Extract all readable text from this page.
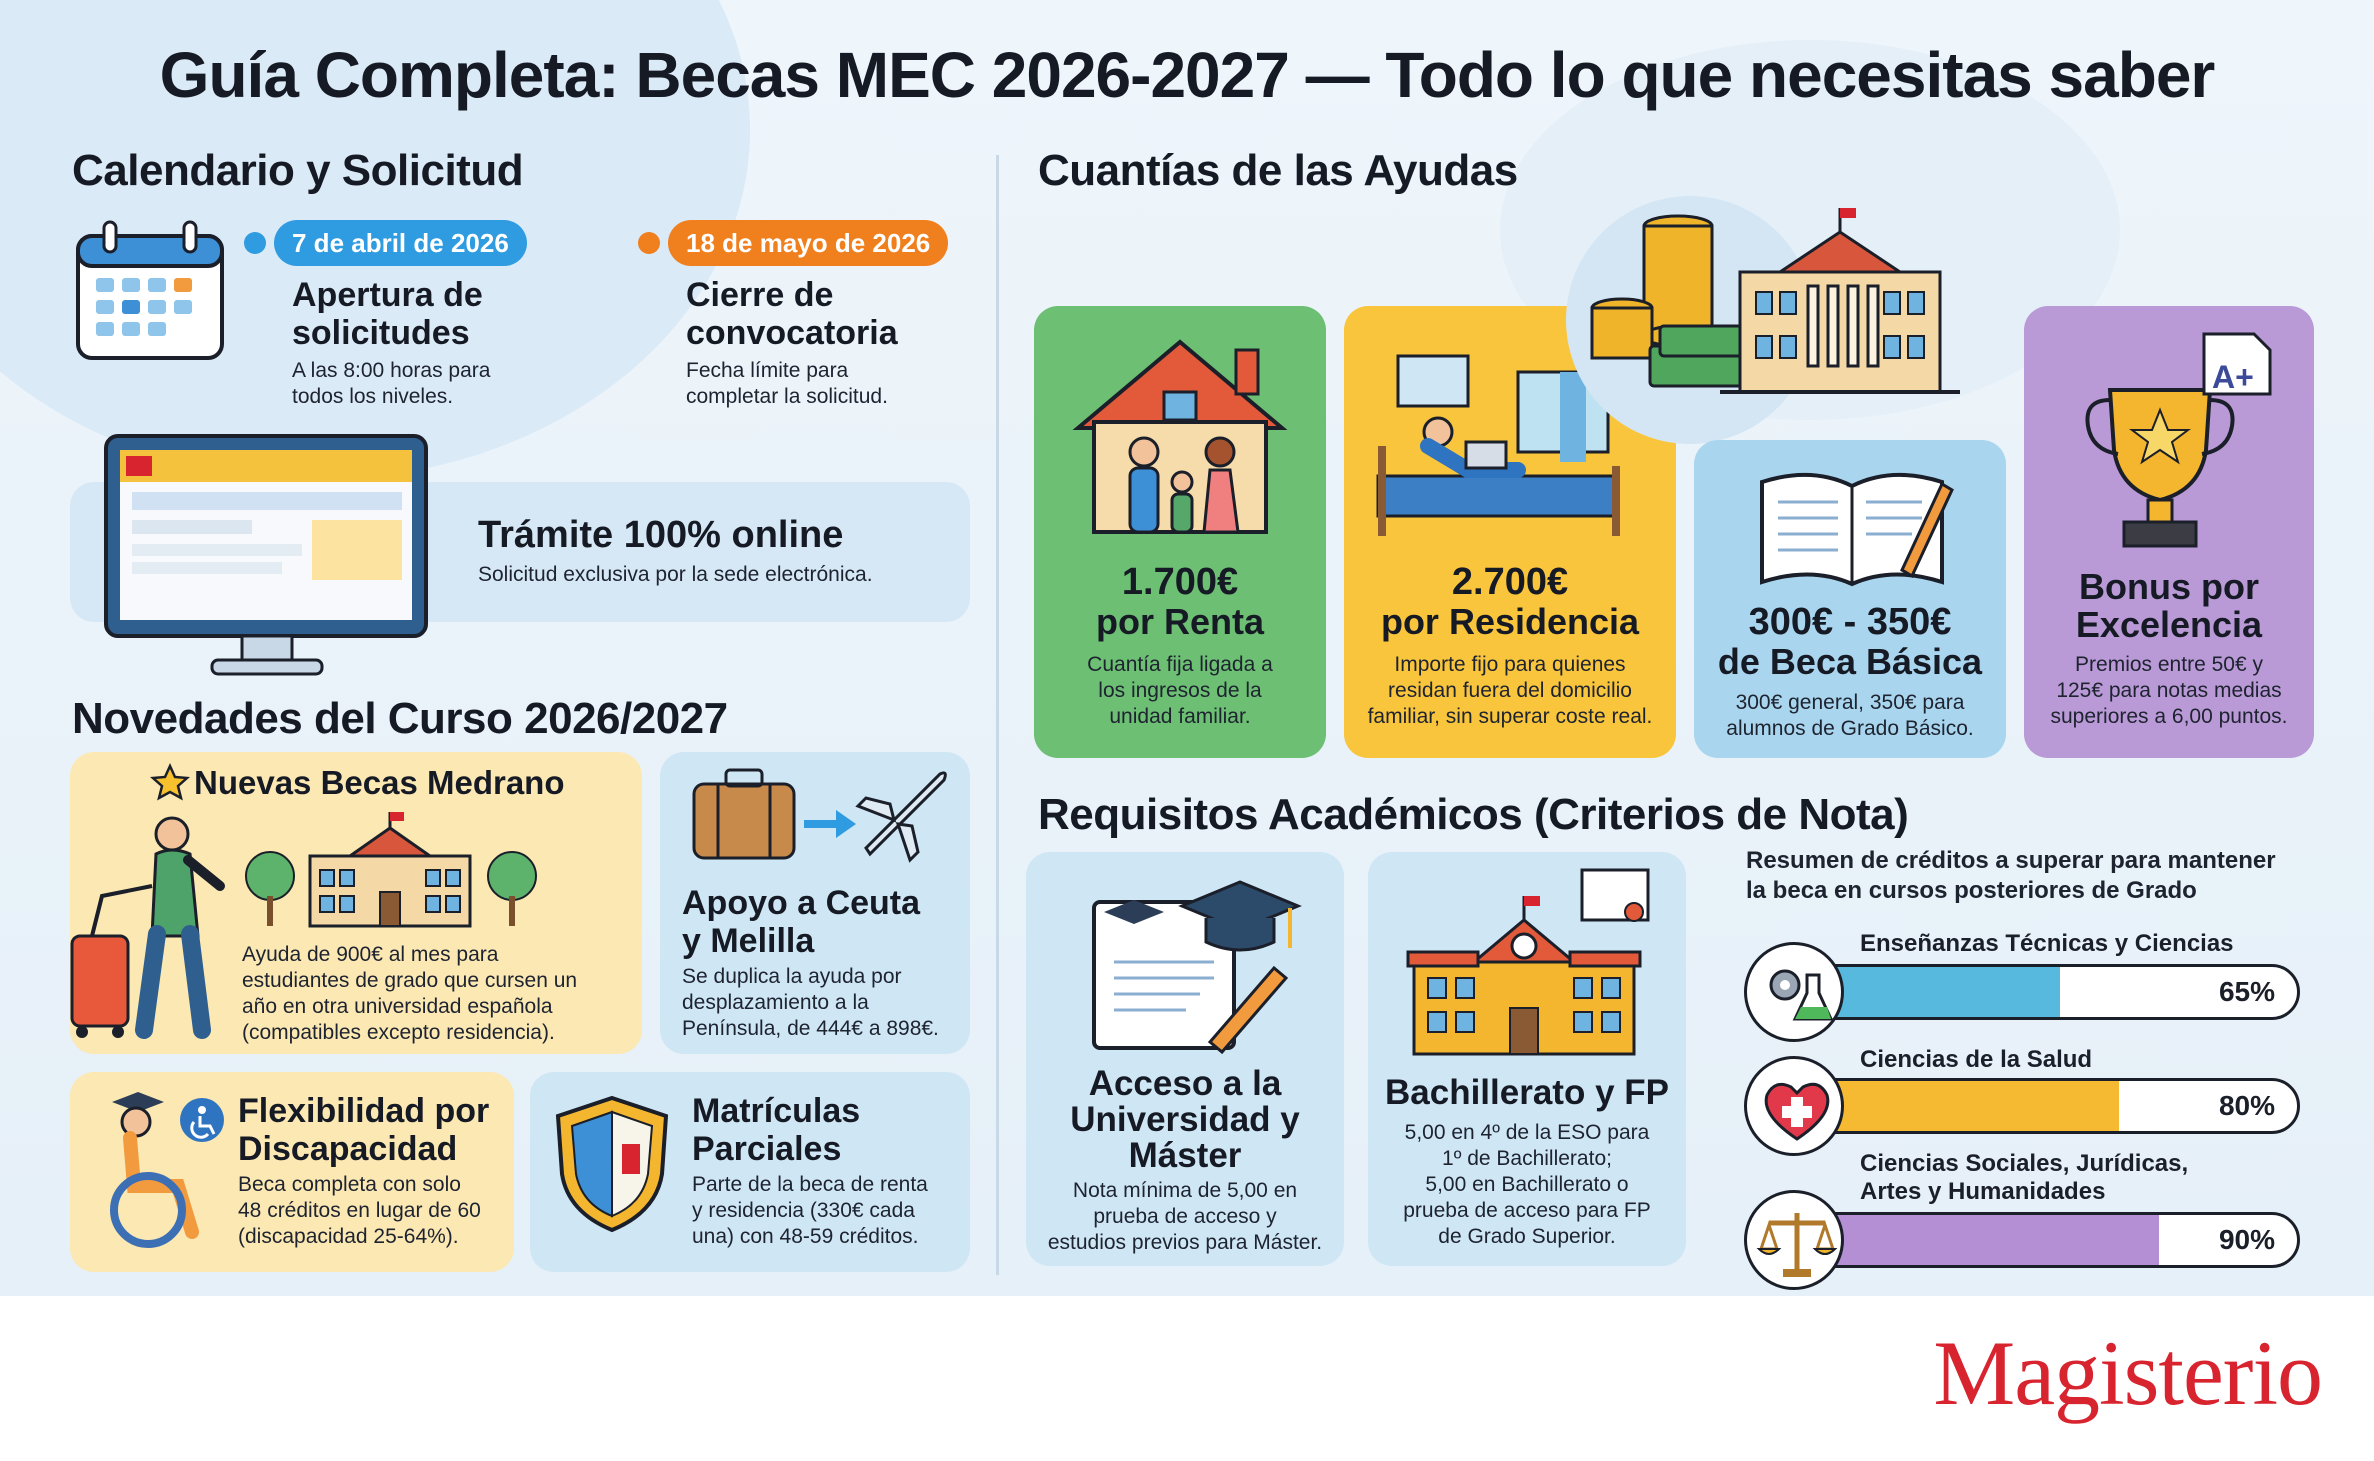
Guía Completa: Becas MEC 2026-2027 — Todo lo que necesitas saber
Calendario y Solicitud
7 de abril de 2026
Apertura de
solicitudes
A las 8:00 horas para
todos los niveles.
18 de mayo de 2026
Cierre de
convocatoria
Fecha límite para
completar la solicitud.
Trámite 100% online
Solicitud exclusiva por la sede electrónica.
Novedades del Curso 2026/2027
Nuevas Becas Medrano
Ayuda de 900€ al mes para
estudiantes de grado que cursen un
año en otra universidad española
(compatibles excepto residencia).
Apoyo a Ceuta
y Melilla
Se duplica la ayuda por
desplazamiento a la
Península, de 444€ a 898€.
Flexibilidad por
Discapacidad
Beca completa con solo
48 créditos en lugar de 60
(discapacidad 25-64%).
Matrículas
Parciales
Parte de la beca de renta
y residencia (330€ cada
una) con 48-59 créditos.
Cuantías de las Ayudas
1.700€
por Renta
Cuantía fija ligada a
los ingresos de la
unidad familiar.
2.700€
por Residencia
Importe fijo para quienes
residan fuera del domicilio
familiar, sin superar coste real.
300€ - 350€
de Beca Básica
300€ general, 350€ para
alumnos de Grado Básico.
A+
Bonus por
Excelencia
Premios entre 50€ y
125€ para notas medias
superiores a 6,00 puntos.
Requisitos Académicos (Criterios de Nota)
Acceso a la
Universidad y
Máster
Nota mínima de 5,00 en
prueba de acceso y
estudios previos para Máster.
Bachillerato y FP
5,00 en 4º de la ESO para
1º de Bachillerato;
5,00 en Bachillerato o
prueba de acceso para FP
de Grado Superior.
Resumen de créditos a superar para mantener
la beca en cursos posteriores de Grado
Enseñanzas Técnicas y Ciencias
65%
Ciencias de la Salud
80%
Ciencias Sociales, Jurídicas,
Artes y Humanidades
90%
Magisterio
